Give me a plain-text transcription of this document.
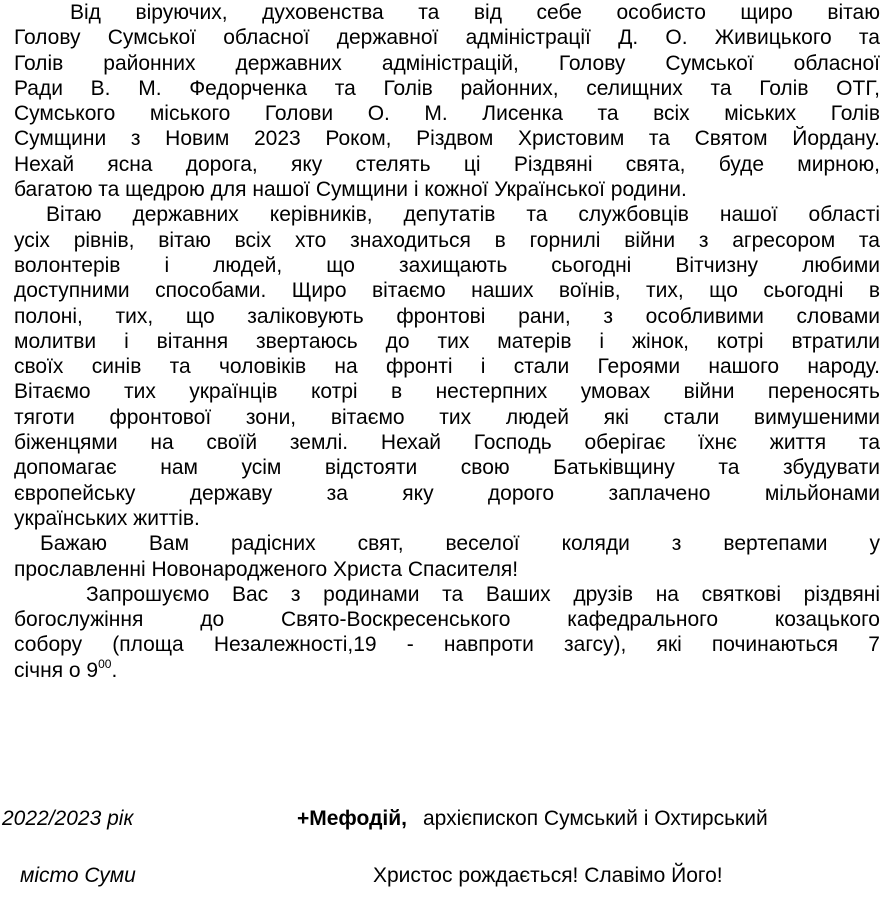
Від віруючих, духовенства та від себе особисто щиро вітаю
Голову Сумської обласної державної адміністрації Д. О. Живицького та
Голів районних державних адміністрацій, Голову Сумської обласної
Ради В. М. Федорченка та Голів районних, селищних та Голів ОТГ,
Сумського міського Голови О. М. Лисенка та всіх міських Голів
Сумщини з Новим 2023 Роком, Різдвом Христовим та Святом Йордану.
Нехай ясна дорога, яку стелять ці Різдвяні свята, буде мирною,
багатою та щедрою для нашої Сумщини і кожної Української родини.
Вітаю державних керівників, депутатів та службовців нашої області
усіх рівнів, вітаю всіх хто знаходиться в горнилі війни з агресором та
волонтерів і людей, що захищають сьогодні Вітчизну любими
доступними способами. Щиро вітаємо наших воїнів, тих, що сьогодні в
полоні, тих, що заліковують фронтові рани, з особливими словами
молитви і вітання звертаюсь до тих матерів і жінок, котрі втратили
своїх синів та чоловіків на фронті і стали Героями нашого народу.
Вітаємо тих українців котрі в нестерпних умовах війни переносять
тяготи фронтової зони, вітаємо тих людей які стали вимушеними
біженцями на своїй землі. Нехай Господь оберігає їхнє життя та
допомагає нам усім відстояти свою Батьківщину та збудувати
європейську державу за яку дорого заплачено мільйонами
українських життів.
Бажаю Вам радісних свят, веселої коляди з вертепами у
прославленні Новонародженого Христа Спасителя!
Запрошуємо Вас з родинами та Ваших друзів на святкові різдвяні
богослужіння до Свято-Воскресенського кафедрального козацького
собору (площа Незалежності,19 - навпроти загсу), які починаються 7
січня о $9^{00}$.
2022/2023 рік	+Мефодій, архієпископ Сумський і Охтирський
місто Суми	Христос рождається! Славімо Його!
